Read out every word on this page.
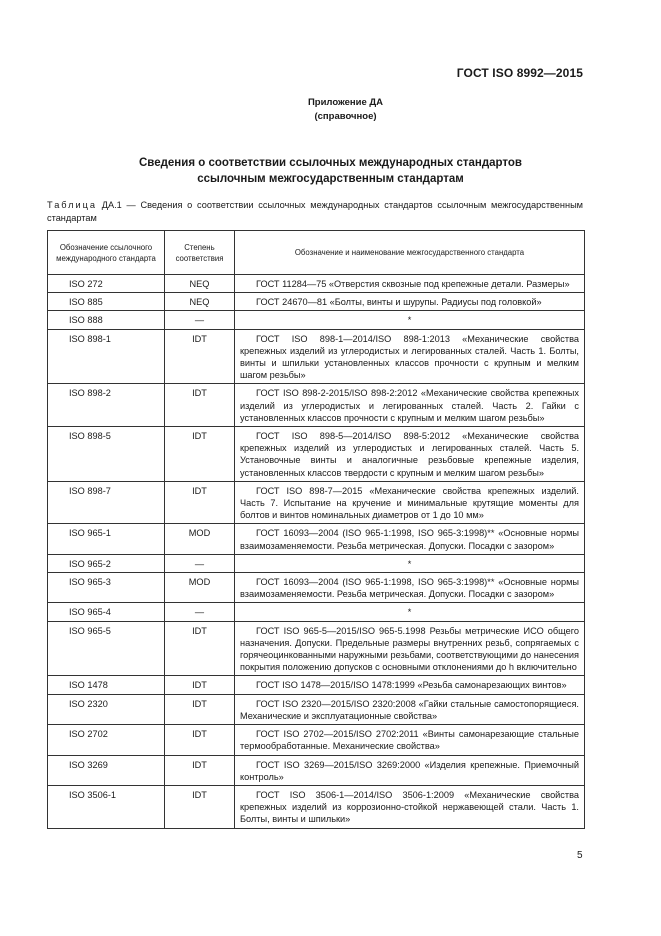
ГОСТ ISO 8992—2015
Приложение ДА
(справочное)
Сведения о соответствии ссылочных международных стандартов
ссылочным межгосударственным стандартам
Таблица ДА.1 — Сведения о соответствии ссылочных международных стандартов ссылочным межгосударственным стандартам
Обозначение ссылочного международного стандарта	Степень соответствия	Обозначение и наименование межгосударственного стандарта
ISO 272	NEQ	ГОСТ 11284—75 «Отверстия сквозные под крепежные детали. Размеры»
ISO 885	NEQ	ГОСТ 24670—81 «Болты, винты и шурупы. Радиусы под головкой»
ISO 888	—	*
ISO 898-1	IDT	ГОСТ ISO 898-1—2014/ISO 898-1:2013 «Механические свойства крепежных изделий из углеродистых и легированных сталей. Часть 1. Болты, винты и шпильки установленных классов прочности с крупным и мелким шагом резьбы»
ISO 898-2	IDT	ГОСТ ISO 898-2-2015/ISO 898-2:2012 «Механические свойства крепежных изделий из углеродистых и легированных сталей. Часть 2. Гайки с установленных классов прочности с крупным и мелким шагом резьбы»
ISO 898-5	IDT	ГОСТ ISO 898-5—2014/ISO 898-5:2012 «Механические свойства крепежных изделий из углеродистых и легированных сталей. Часть 5. Установочные винты и аналогичные резьбовые крепежные изделия, установленных классов твердости с крупным и мелким шагом резьбы»
ISO 898-7	IDT	ГОСТ ISO 898-7—2015 «Механические свойства крепежных изделий. Часть 7. Испытание на кручение и минимальные крутящие моменты для болтов и винтов номинальных диаметров от 1 до 10 мм»
ISO 965-1	MOD	ГОСТ 16093—2004 (ISO 965-1:1998, ISO 965-3:1998)** «Основные нормы взаимозаменяемости. Резьба метрическая. Допуски. Посадки с зазором»
ISO 965-2	—	*
ISO 965-3	MOD	ГОСТ 16093—2004 (ISO 965-1:1998, ISO 965-3:1998)** «Основные нормы взаимозаменяемости. Резьба метрическая. Допуски. Посадки с зазором»
ISO 965-4	—	*
ISO 965-5	IDT	ГОСТ ISO 965-5—2015/ISO 965-5.1998 Резьбы метрические ИСО общего назначения. Допуски. Предельные размеры внутренних резьб, сопрягаемых с горячеоцинкованными наружными резьбами, соответствующими до нанесения покрытия положению допусков с основными отклонениями до h включительно
ISO 1478	IDT	ГОСТ ISO 1478—2015/ISO 1478:1999 «Резьба самонарезающих винтов»
ISO 2320	IDT	ГОСТ ISO 2320—2015/ISO 2320:2008 «Гайки стальные самостопорящиеся. Механические и эксплуатационные свойства»
ISO 2702	IDT	ГОСТ ISO 2702—2015/ISO 2702:2011 «Винты самонарезающие стальные термообработанные. Механические свойства»
ISO 3269	IDT	ГОСТ ISO 3269—2015/ISO 3269:2000 «Изделия крепежные. Приемочный контроль»
ISO 3506-1	IDT	ГОСТ ISO 3506-1—2014/ISO 3506-1:2009 «Механические свойства крепежных изделий из коррозионно-стойкой нержавеющей стали. Часть 1. Болты, винты и шпильки»
5
